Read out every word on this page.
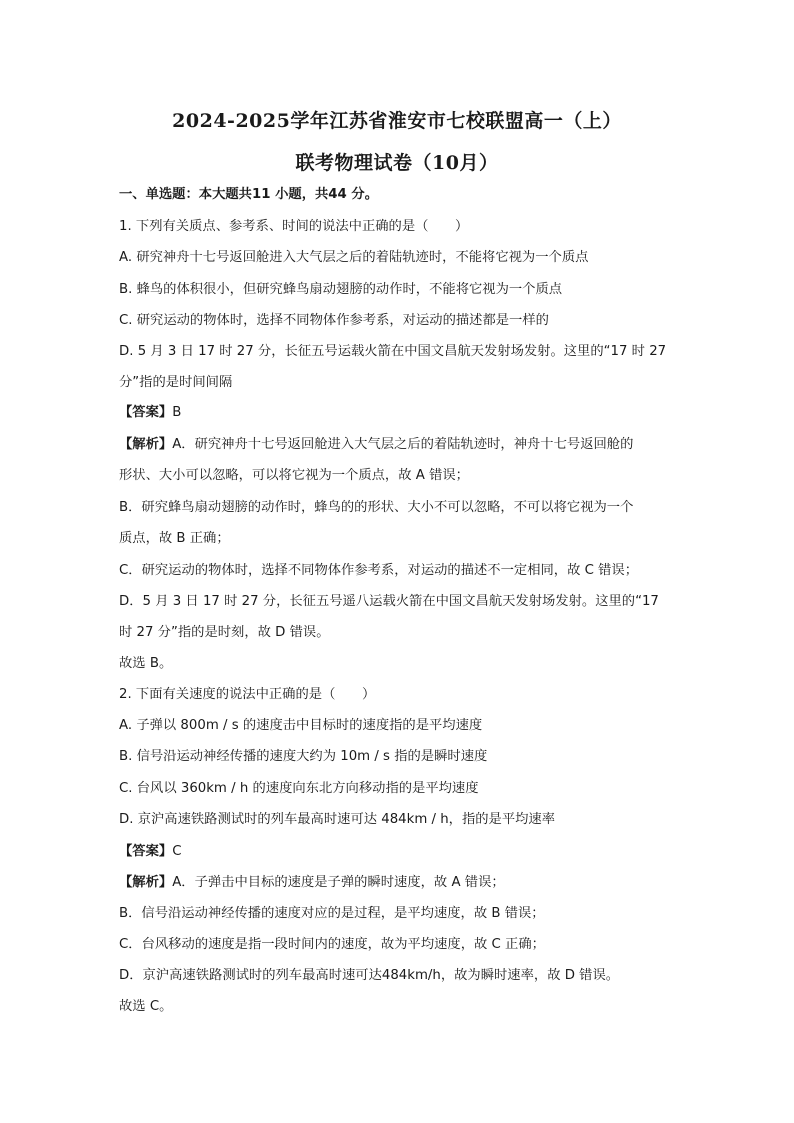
2024-2025学年江苏省淮安市七校联盟高一（上）
联考物理试卷（10月）
一、单选题：本大题共11 小题，共44 分。
1. 下列有关质点、参考系、时间的说法中正确的是（　　）
A. 研究神舟十七号返回舱进入大气层之后的着陆轨迹时，不能将它视为一个质点
B. 蜂鸟的体积很小，但研究蜂鸟扇动翅膀的动作时，不能将它视为一个质点
C. 研究运动的物体时，选择不同物体作参考系，对运动的描述都是一样的
D. 5 月 3 日 17 时 27 分，长征五号运载火箭在中国文昌航天发射场发射。这里的“17 时 27
分”指的是时间间隔
【答案】B
【解析】A．研究神舟十七号返回舱进入大气层之后的着陆轨迹时，神舟十七号返回舱的
形状、大小可以忽略，可以将它视为一个质点，故 A 错误；
B．研究蜂鸟扇动翅膀的动作时，蜂鸟的的形状、大小不可以忽略，不可以将它视为一个
质点，故 B 正确；
C．研究运动的物体时，选择不同物体作参考系，对运动的描述不一定相同，故 C 错误；
D．5 月 3 日 17 时 27 分，长征五号遥八运载火箭在中国文昌航天发射场发射。这里的“17
时 27 分”指的是时刻，故 D 错误。
故选 B。
2. 下面有关速度的说法中正确的是（　　）
A. 子弹以 800m / s 的速度击中目标时的速度指的是平均速度
B. 信号沿运动神经传播的速度大约为 10m / s 指的是瞬时速度
C. 台风以 360km / h 的速度向东北方向移动指的是平均速度
D. 京沪高速铁路测试时的列车最高时速可达 484km / h，指的是平均速率
【答案】C
【解析】A．子弹击中目标的速度是子弹的瞬时速度，故 A 错误；
B．信号沿运动神经传播的速度对应的是过程，是平均速度，故 B 错误；
C．台风移动的速度是指一段时间内的速度，故为平均速度，故 C 正确；
D．京沪高速铁路测试时的列车最高时速可达484km/h，故为瞬时速率，故 D 错误。
故选 C。
